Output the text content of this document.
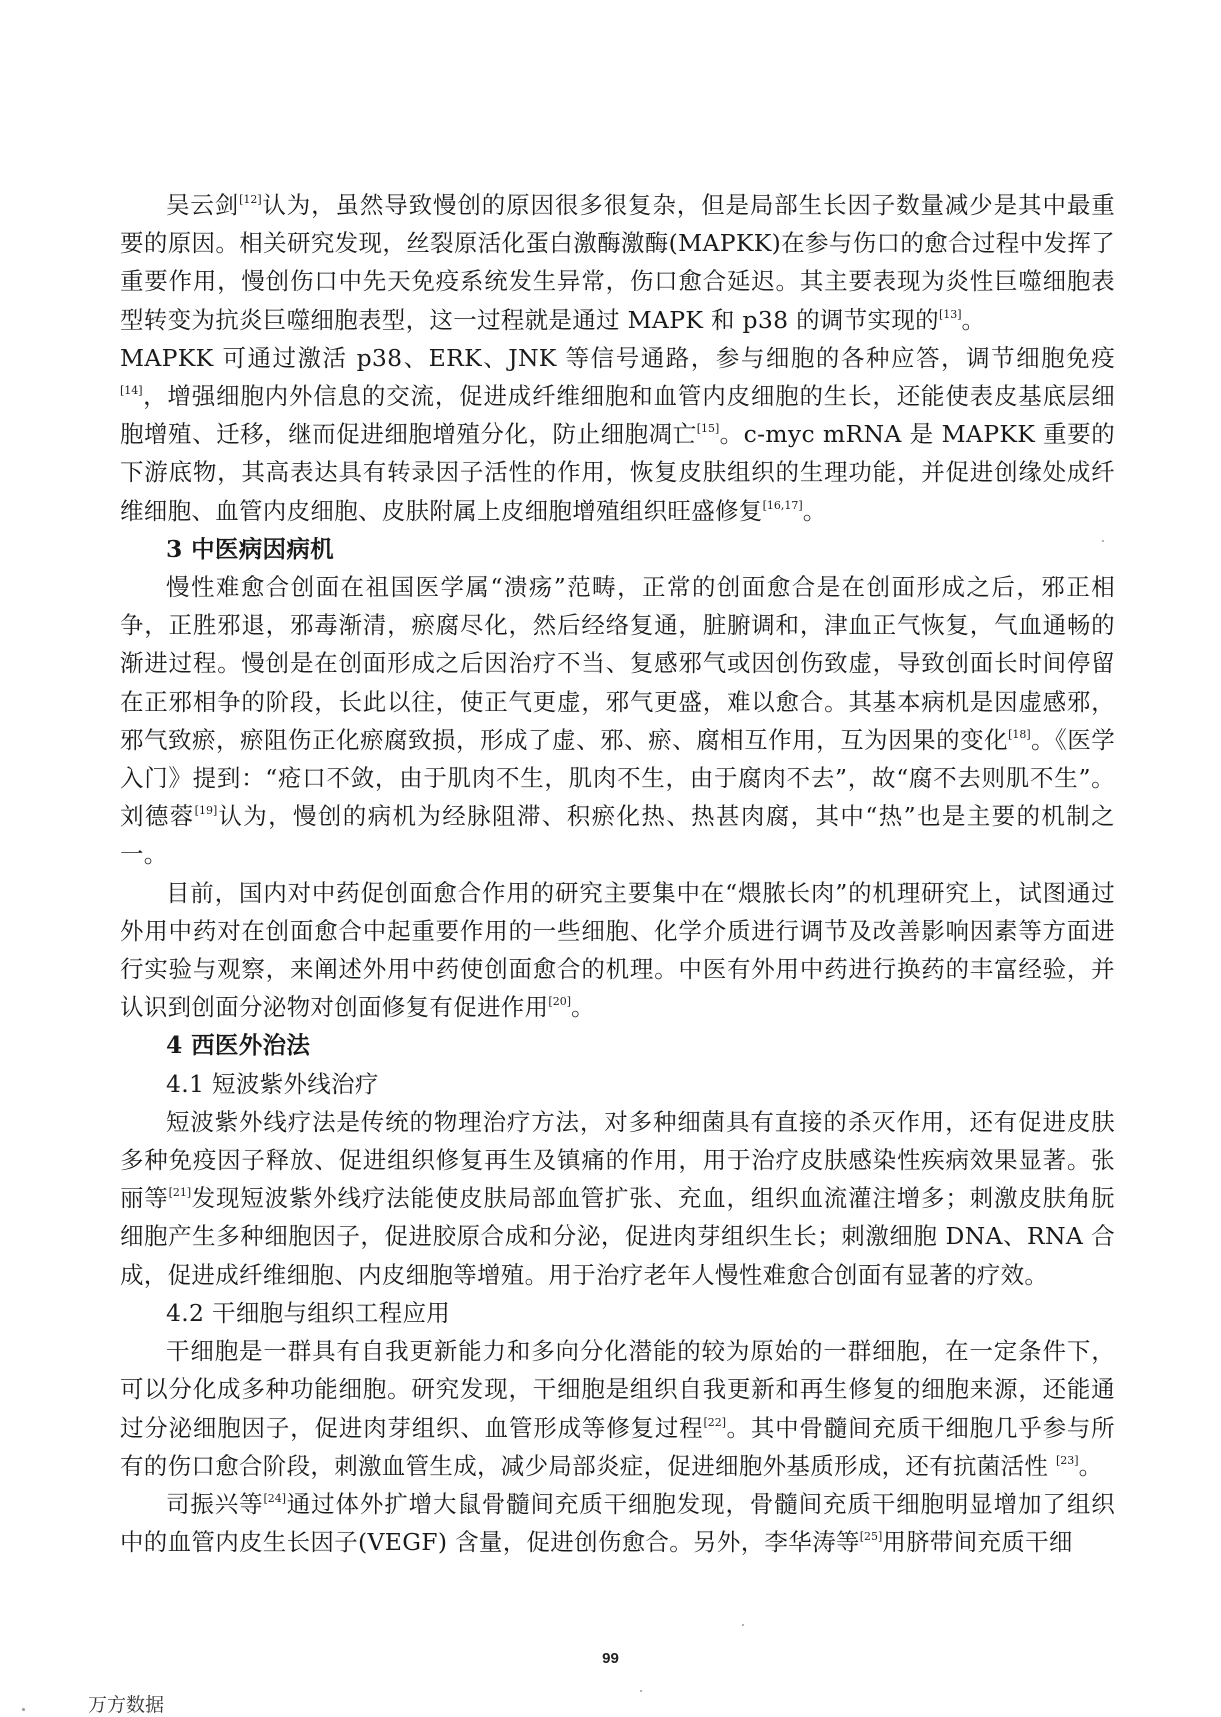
吴云剑[12]认为，虽然导致慢创的原因很多很复杂，但是局部生长因子数量减少是其中最重要的原因。相关研究发现，丝裂原活化蛋白激酶激酶(MAPKK)在参与伤口的愈合过程中发挥了重要作用，慢创伤口中先天免疫系统发生异常，伤口愈合延迟。其主要表现为炎性巨噬细胞表型转变为抗炎巨噬细胞表型，这一过程就是通过 MAPK 和 p38 的调节实现的[13]。

MAPKK 可通过激活 p38、ERK、JNK 等信号通路，参与细胞的各种应答，调节细胞免疫[14]，增强细胞内外信息的交流，促进成纤维细胞和血管内皮细胞的生长，还能使表皮基底层细胞增殖、迁移，继而促进细胞增殖分化，防止细胞凋亡[15]。c-myc mRNA 是 MAPKK 重要的下游底物，其高表达具有转录因子活性的作用，恢复皮肤组织的生理功能，并促进创缘处成纤维细胞、血管内皮细胞、皮肤附属上皮细胞增殖组织旺盛修复[16,17]。

3 中医病因病机

慢性难愈合创面在祖国医学属“溃疡”范畴，正常的创面愈合是在创面形成之后，邪正相争，正胜邪退，邪毒渐清，瘀腐尽化，然后经络复通，脏腑调和，津血正气恢复，气血通畅的渐进过程。慢创是在创面形成之后因治疗不当、复感邪气或因创伤致虚，导致创面长时间停留在正邪相争的阶段，长此以往，使正气更虚，邪气更盛，难以愈合。其基本病机是因虚感邪，邪气致瘀，瘀阻伤正化瘀腐致损，形成了虚、邪、瘀、腐相互作用，互为因果的变化[18]。《医学入门》提到：“疮口不敛，由于肌肉不生，肌肉不生，由于腐肉不去”，故“腐不去则肌不生”。 刘德蓉[19]认为，慢创的病机为经脉阻滞、积瘀化热、热甚肉腐，其中“热”也是主要的机制之一。

目前，国内对中药促创面愈合作用的研究主要集中在“煨脓长肉”的机理研究上，试图通过外用中药对在创面愈合中起重要作用的一些细胞、化学介质进行调节及改善影响因素等方面进行实验与观察，来阐述外用中药使创面愈合的机理。中医有外用中药进行换药的丰富经验，并认识到创面分泌物对创面修复有促进作用[20]。

4 西医外治法

4.1 短波紫外线治疗

短波紫外线疗法是传统的物理治疗方法，对多种细菌具有直接的杀灭作用，还有促进皮肤多种免疫因子释放、促进组织修复再生及镇痛的作用，用于治疗皮肤感染性疾病效果显著。张丽等[21]发现短波紫外线疗法能使皮肤局部血管扩张、充血，组织血流灌注增多；刺激皮肤角朊细胞产生多种细胞因子，促进胶原合成和分泌，促进肉芽组织生长；刺激细胞 DNA、RNA 合成，促进成纤维细胞、内皮细胞等增殖。用于治疗老年人慢性难愈合创面有显著的疗效。

4.2 干细胞与组织工程应用

干细胞是一群具有自我更新能力和多向分化潜能的较为原始的一群细胞，在一定条件下，可以分化成多种功能细胞。研究发现，干细胞是组织自我更新和再生修复的细胞来源，还能通过分泌细胞因子，促进肉芽组织、血管形成等修复过程[22]。其中骨髓间充质干细胞几乎参与所有的伤口愈合阶段，刺激血管生成，减少局部炎症，促进细胞外基质形成，还有抗菌活性 [23]。

司振兴等[24]通过体外扩增大鼠骨髓间充质干细胞发现，骨髓间充质干细胞明显增加了组织中的血管内皮生长因子(VEGF) 含量，促进创伤愈合。另外，李华涛等[25]用脐带间充质干细

99
万方数据
